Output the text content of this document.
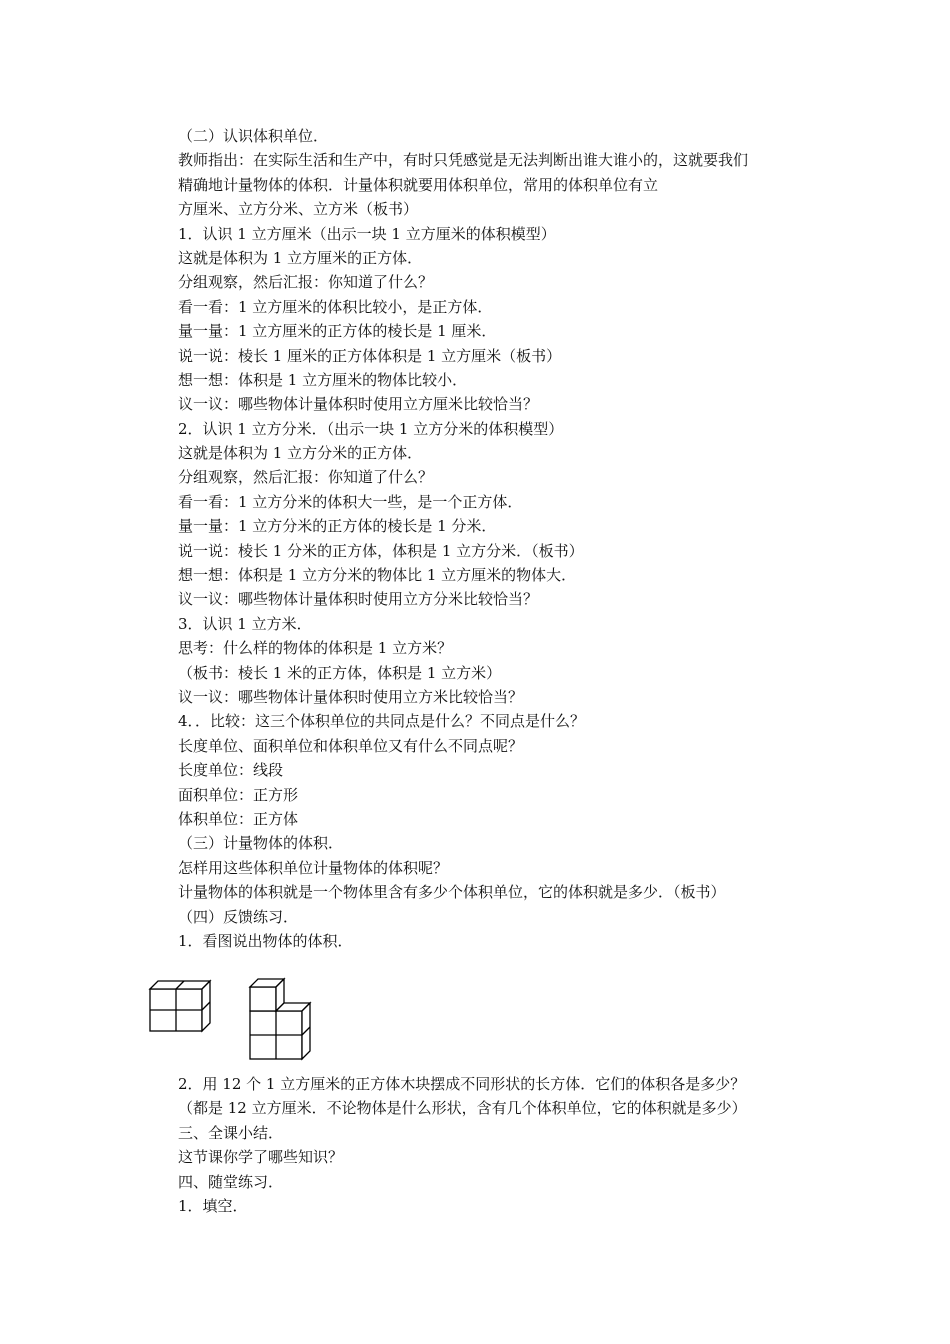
（二）认识体积单位．
教师指出：在实际生活和生产中，有时只凭感觉是无法判断出谁大谁小的，这就要我们
精确地计量物体的体积．计量体积就要用体积单位，常用的体积单位有立
方厘米、立方分米、立方米（板书）
1．认识 1 立方厘米（出示一块 1 立方厘米的体积模型）
这就是体积为 1 立方厘米的正方体．
分组观察，然后汇报：你知道了什么？
看一看：1 立方厘米的体积比较小，是正方体．
量一量：1 立方厘米的正方体的棱长是 1 厘米．
说一说：棱长 1 厘米的正方体体积是 1 立方厘米（板书）
想一想：体积是 1 立方厘米的物体比较小．
议一议：哪些物体计量体积时使用立方厘米比较恰当？
2．认识 1 立方分米．（出示一块 1 立方分米的体积模型）
这就是体积为 1 立方分米的正方体．
分组观察，然后汇报：你知道了什么？
看一看：1 立方分米的体积大一些，是一个正方体．
量一量：1 立方分米的正方体的棱长是 1 分米．
说一说：棱长 1 分米的正方体，体积是 1 立方分米．（板书）
想一想：体积是 1 立方分米的物体比 1 立方厘米的物体大．
议一议：哪些物体计量体积时使用立方分米比较恰当？
3．认识 1 立方米．
思考：什么样的物体的体积是 1 立方米？
（板书：棱长 1 米的正方体，体积是 1 立方米）
议一议：哪些物体计量体积时使用立方米比较恰当？
4．．比较：这三个体积单位的共同点是什么？不同点是什么？
长度单位、面积单位和体积单位又有什么不同点呢？
长度单位：线段
面积单位：正方形
体积单位：正方体
（三）计量物体的体积．
怎样用这些体积单位计量物体的体积呢？
计量物体的体积就是一个物体里含有多少个体积单位，它的体积就是多少．（板书）
（四）反馈练习．
1．看图说出物体的体积．
2．用 12 个 1 立方厘米的正方体木块摆成不同形状的长方体．它们的体积各是多少？
（都是 12 立方厘米．不论物体是什么形状，含有几个体积单位，它的体积就是多少）
三、全课小结．
这节课你学了哪些知识？
四、随堂练习．
1．填空．
